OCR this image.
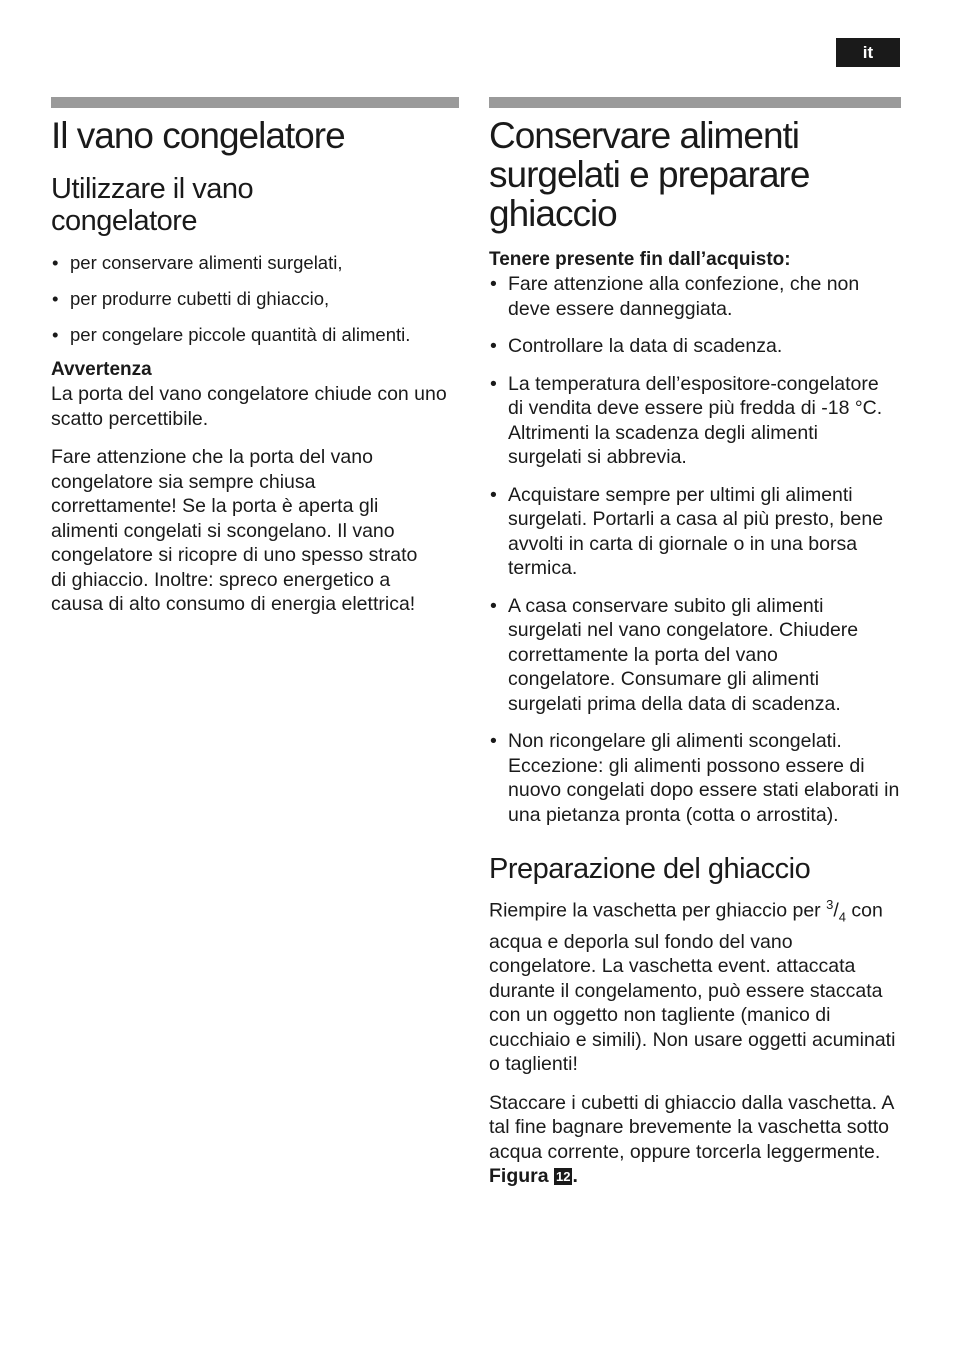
it
Il vano congelatore
Utilizzare il vano congelatore
• per conservare alimenti surgelati,
• per produrre cubetti di ghiaccio,
• per congelare piccole quantità di alimenti.
Avvertenza

La porta del vano congelatore chiude con uno scatto percettibile.

Fare attenzione che la porta del vano congelatore sia sempre chiusa correttamente! Se la porta è aperta gli alimenti congelati si scongelano. Il vano congelatore si ricopre di uno spesso strato di ghiaccio. Inoltre: spreco energetico a causa di alto consumo di energia elettrica!

Conservare alimenti surgelati e preparare ghiaccio
Tenere presente fin dall’acquisto:
• Fare attenzione alla confezione, che non deve essere danneggiata.
• Controllare la data di scadenza.
• La temperatura dell’espositore-congelatore di vendita deve essere più fredda di -18 °C. Altrimenti la scadenza degli alimenti surgelati si abbrevia.
• Acquistare sempre per ultimi gli alimenti surgelati. Portarli a casa al più presto, bene avvolti in carta di giornale o in una borsa termica.
• A casa conservare subito gli alimenti surgelati nel vano congelatore. Chiudere correttamente la porta del vano congelatore. Consumare gli alimenti surgelati prima della data di scadenza.
• Non ricongelare gli alimenti scongelati. Eccezione: gli alimenti possono essere di nuovo congelati dopo essere stati elaborati in una pietanza pronta (cotta o arrostita).
Preparazione del ghiaccio

Riempire la vaschetta per ghiaccio per $^3/_4$ con acqua e deporla sul fondo del vano congelatore. La vaschetta event. attaccata durante il congelamento, può essere staccata con un oggetto non tagliente (manico di cucchiaio e simili). Non usare oggetti acuminati o taglienti!

Staccare i cubetti di ghiaccio dalla vaschetta. A tal fine bagnare brevemente la vaschetta sotto acqua corrente, oppure torcerla leggermente. Figura 12 .
